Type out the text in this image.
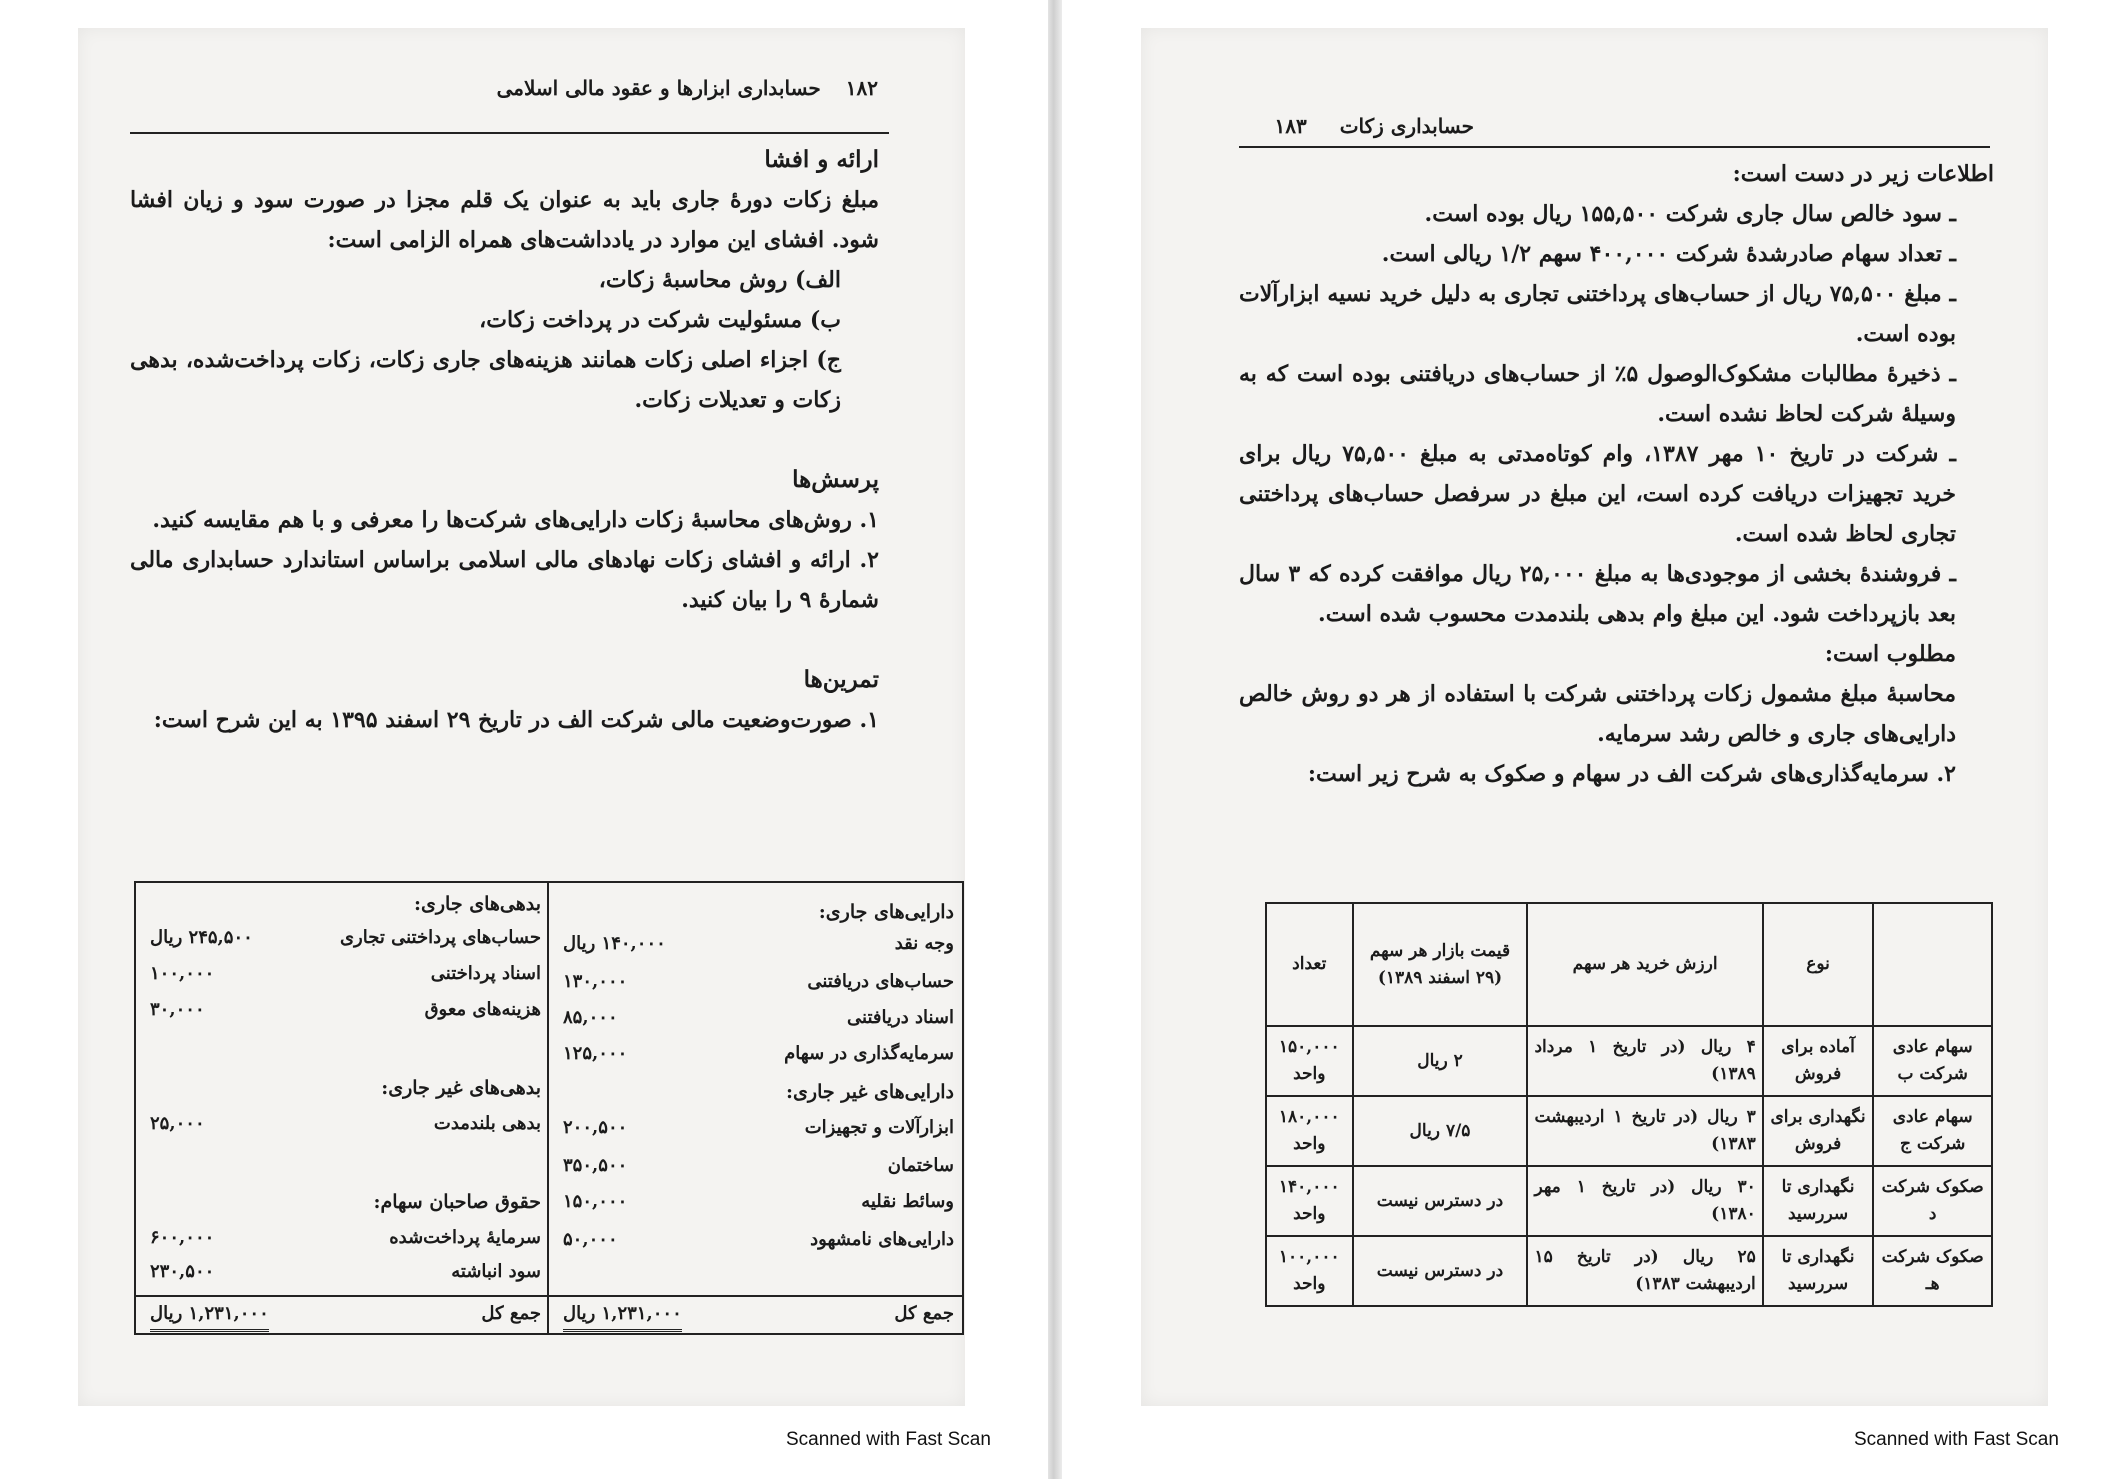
۱۸۲ حسابداری ابزارها و عقود مالی اسلامی

ارائه و افشا

مبلغ زکات دورهٔ جاری باید به عنوان یک قلم مجزا در صورت سود و زیان افشا شود. افشای این موارد در یادداشت‌های همراه الزامی است:

الف) روش محاسبهٔ زکات،

ب) مسئولیت شرکت در پرداخت زکات،

ج) اجزاء اصلی زکات همانند هزینه‌های جاری زکات، زکات پرداخت‌شده، بدهی زکات و تعدیلات زکات.

پرسش‌ها

۱. روش‌های محاسبهٔ زکات دارایی‌های شرکت‌ها را معرفی و با هم مقایسه کنید.

۲. ارائه و افشای زکات نهادهای مالی اسلامی براساس استاندارد حسابداری مالی شمارهٔ ۹ را بیان کنید.

تمرین‌ها

۱. صورت‌وضعیت مالی شرکت الف در تاریخ ۲۹ اسفند ۱۳۹۵ به این شرح است:

دارایی‌های جاری:
وجه نقد
۱۴۰,۰۰۰ ریال
حساب‌های دریافتنی
۱۳۰,۰۰۰
اسناد دریافتنی
۸۵,۰۰۰
سرمایه‌گذاری در سهام
۱۲۵,۰۰۰
دارایی‌های غیر جاری:
ابزارآلات و تجهیزات
۲۰۰,۵۰۰
ساختمان
۳۵۰,۵۰۰
وسائط نقلیه
۱۵۰,۰۰۰
دارایی‌های نامشهود
۵۰,۰۰۰
جمع کل
۱,۲۳۱,۰۰۰ ریال
بدهی‌های جاری:
حساب‌های پرداختنی تجاری
۲۴۵,۵۰۰ ریال
اسناد پرداختنی
۱۰۰,۰۰۰
هزینه‌های معوق
۳۰,۰۰۰
بدهی‌های غیر جاری:
بدهی بلندمدت
۲۵,۰۰۰
حقوق صاحبان سهام:
سرمایهٔ پرداخت‌شده
۶۰۰,۰۰۰
سود انباشته
۲۳۰,۵۰۰
جمع کل
۱,۲۳۱,۰۰۰ ریال
حسابداری زکات ۱۸۳

اطلاعات زیر در دست است:

ـ سود خالص سال جاری شرکت ۱۵۵,۵۰۰ ریال بوده است.

ـ تعداد سهام صادرشدهٔ شرکت ۴۰۰,۰۰۰ سهم ۱/۲ ریالی است.

ـ مبلغ ۷۵,۵۰۰ ریال از حساب‌های پرداختنی تجاری به دلیل خرید نسیه ابزارآلات بوده است.

ـ ذخیرهٔ مطالبات مشکوک‌الوصول ۵٪ از حساب‌های دریافتنی بوده است که به وسیلهٔ شرکت لحاظ نشده است.

ـ شرکت در تاریخ ۱۰ مهر ۱۳۸۷، وام کوتاه‌مدتی به مبلغ ۷۵,۵۰۰ ریال برای خرید تجهیزات دریافت کرده است، این مبلغ در سرفصل حساب‌های پرداختنی تجاری لحاظ شده است.

ـ فروشندهٔ بخشی از موجودی‌ها به مبلغ ۲۵,۰۰۰ ریال موافقت کرده که ۳ سال بعد بازپرداخت شود. این مبلغ وام بدهی بلندمدت محسوب شده است.

مطلوب است:

محاسبهٔ مبلغ مشمول زکات پرداختنی شرکت با استفاده از هر دو روش خالص دارایی‌های جاری و خالص رشد سرمایه.

۲. سرمایه‌گذاری‌های شرکت الف در سهام و صکوک به شرح زیر است:

	نوع	ارزش خرید هر سهم	قیمت بازار هر سهم (۲۹ اسفند ۱۳۸۹)	تعداد
سهام عادی شرکت ب	آماده برای فروش	۴ ریال (در تاریخ ۱ مرداد ۱۳۸۹)	۲ ریال	۱۵۰,۰۰۰ واحد
سهام عادی شرکت ج	نگهداری برای فروش	۳ ریال (در تاریخ ۱ اردیبهشت ۱۳۸۳)	۷/۵ ریال	۱۸۰,۰۰۰ واحد
صکوک شرکت د	نگهداری تا سررسید	۳۰ ریال (در تاریخ ۱ مهر ۱۳۸۰)	در دسترس نیست	۱۴۰,۰۰۰ واحد
صکوک شرکت هـ	نگهداری تا سررسید	۲۵ ریال (در تاریخ ۱۵ اردیبهشت ۱۳۸۳)	در دسترس نیست	۱۰۰,۰۰۰ واحد
Scanned with Fast Scan	Scanned with Fast Scan
